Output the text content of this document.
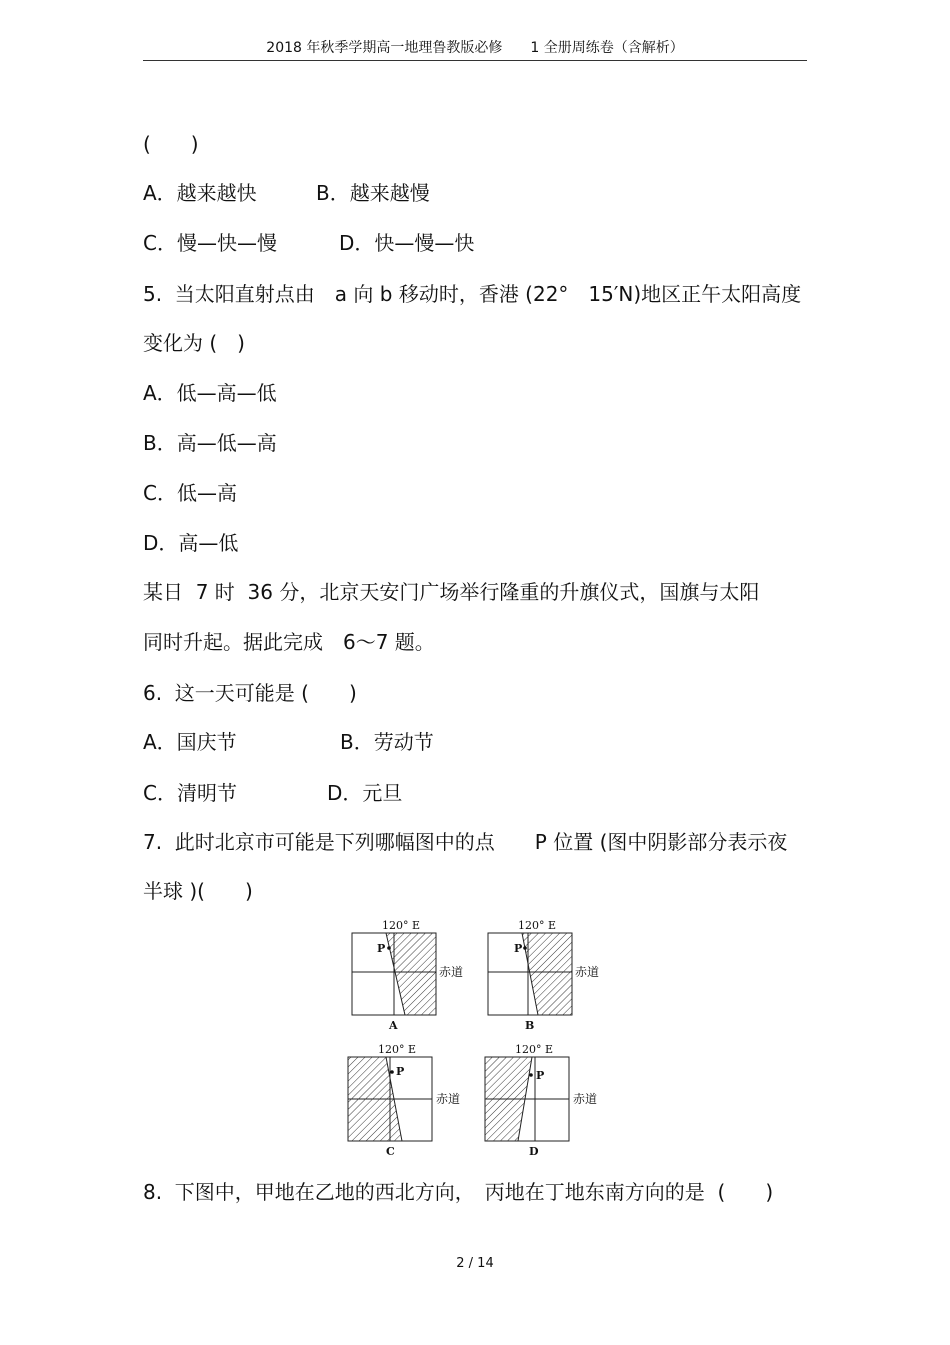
2018 年秋季学期高一地理鲁教版必修　　1 全册周练卷（含解析）
(　　)
A．越来越快	B．越来越慢
C．慢—快—慢	D．快—慢—快
5.  当太阳直射点由　a 向 b 移动时，香港 (22°　15′N)地区正午太阳高度
变化为 (　)
A．低—高—低
B．高—低—高
C．低—高
D．高—低
某日  7 时  36 分，北京天安门广场举行隆重的升旗仪式，国旗与太阳
同时升起。据此完成　6～7 题。
6.  这一天可能是 (　　)
A．国庆节	B．劳动节
C．清明节	D．元旦
7.  此时北京市可能是下列哪幅图中的点　　P 位置 (图中阴影部分表示夜
半球 )(　　)
120° E
P
赤道
A
120° E
P
赤道
B
120° E
P
赤道
C
120° E
P
赤道
D
8.  下图中，甲地在乙地的西北方向，　丙地在丁地东南方向的是  (　　)
2 / 14
